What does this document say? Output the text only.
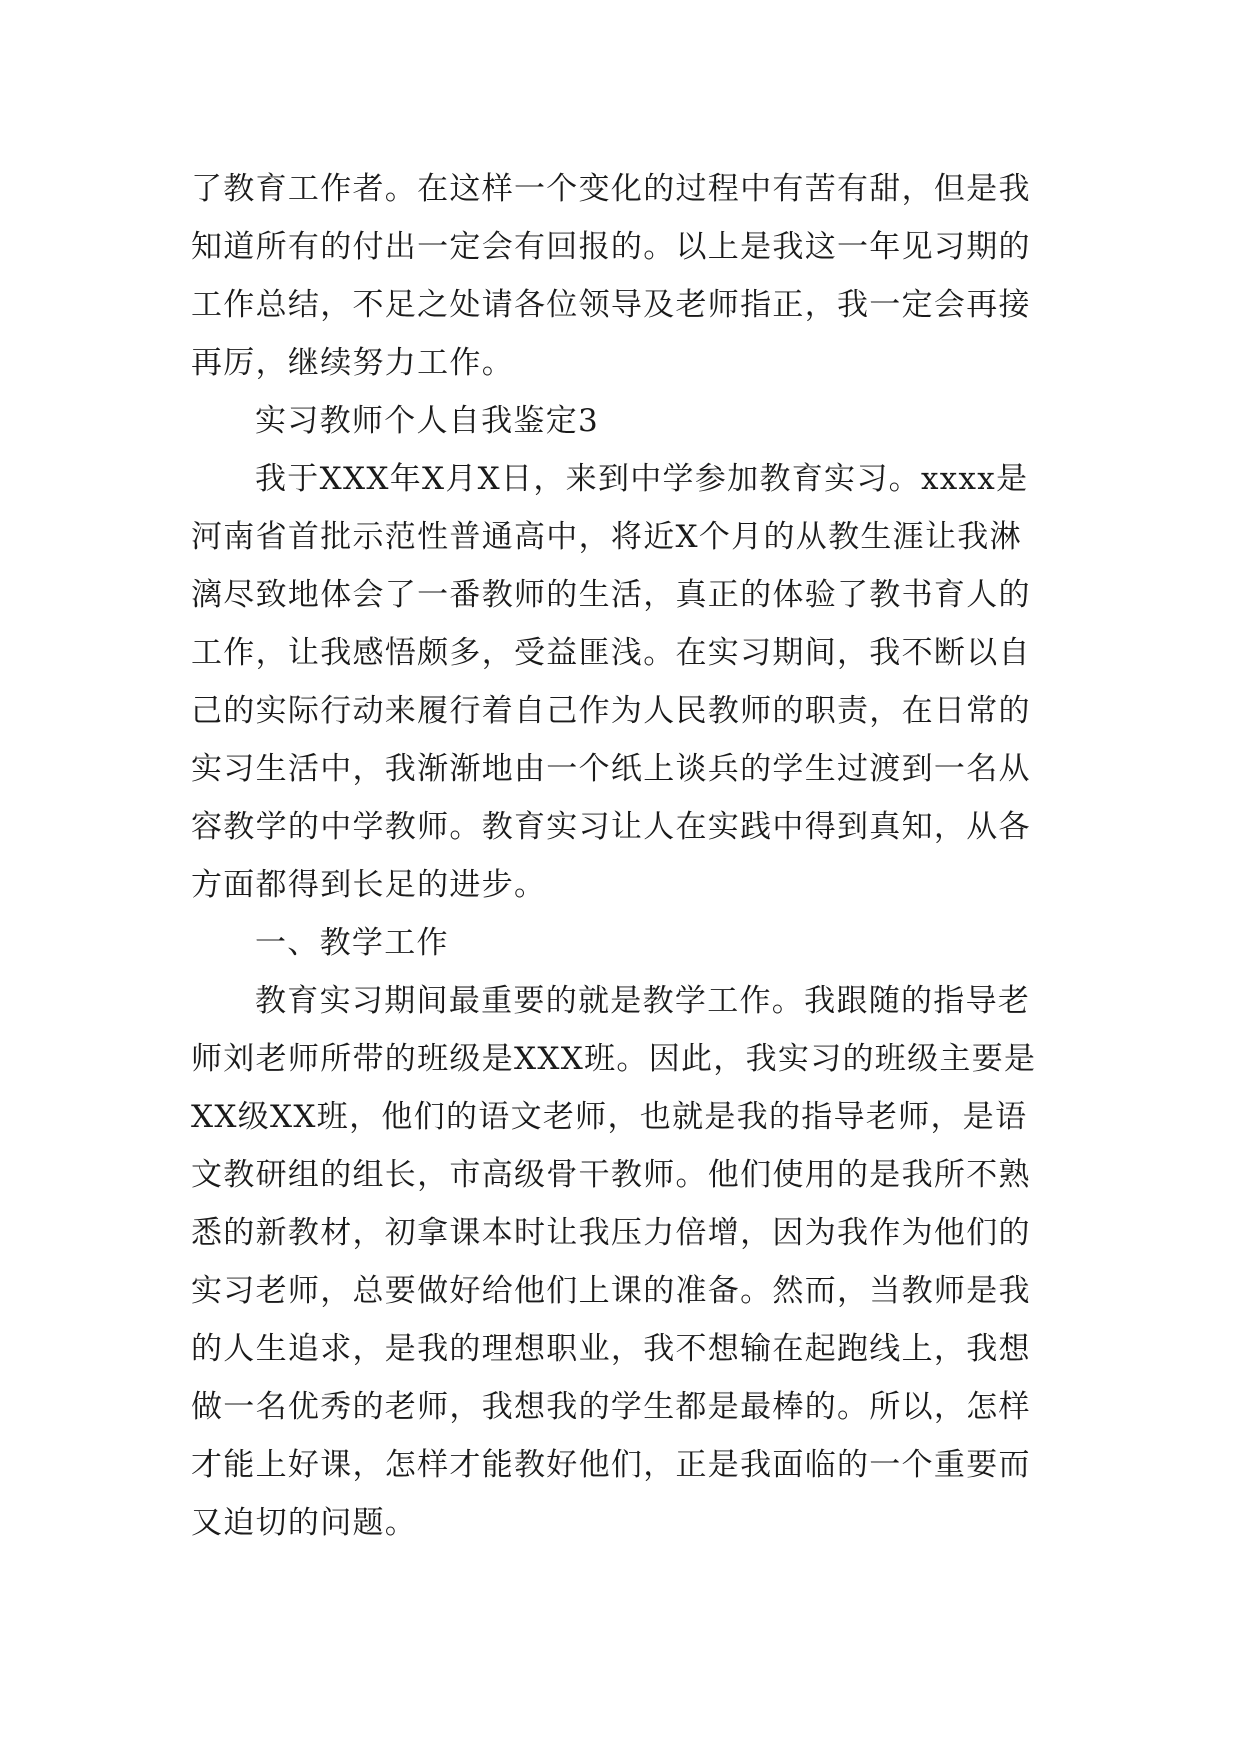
了教育工作者。在这样一个变化的过程中有苦有甜，但是我
知道所有的付出一定会有回报的。以上是我这一年见习期的
工作总结，不足之处请各位领导及老师指正，我一定会再接
再厉，继续努力工作。

实习教师个人自我鉴定3

我于XXX年X月X日，来到中学参加教育实习。xxxx是
河南省首批示范性普通高中，将近X个月的从教生涯让我淋
漓尽致地体会了一番教师的生活，真正的体验了教书育人的
工作，让我感悟颇多，受益匪浅。在实习期间，我不断以自
己的实际行动来履行着自己作为人民教师的职责，在日常的
实习生活中，我渐渐地由一个纸上谈兵的学生过渡到一名从
容教学的中学教师。教育实习让人在实践中得到真知，从各
方面都得到长足的进步。

一、教学工作

教育实习期间最重要的就是教学工作。我跟随的指导老
师刘老师所带的班级是XXX班。因此，我实习的班级主要是
XX级XX班，他们的语文老师，也就是我的指导老师，是语
文教研组的组长，市高级骨干教师。他们使用的是我所不熟
悉的新教材，初拿课本时让我压力倍增，因为我作为他们的
实习老师，总要做好给他们上课的准备。然而，当教师是我
的人生追求，是我的理想职业，我不想输在起跑线上，我想
做一名优秀的老师，我想我的学生都是最棒的。所以，怎样
才能上好课，怎样才能教好他们，正是我面临的一个重要而
又迫切的问题。
